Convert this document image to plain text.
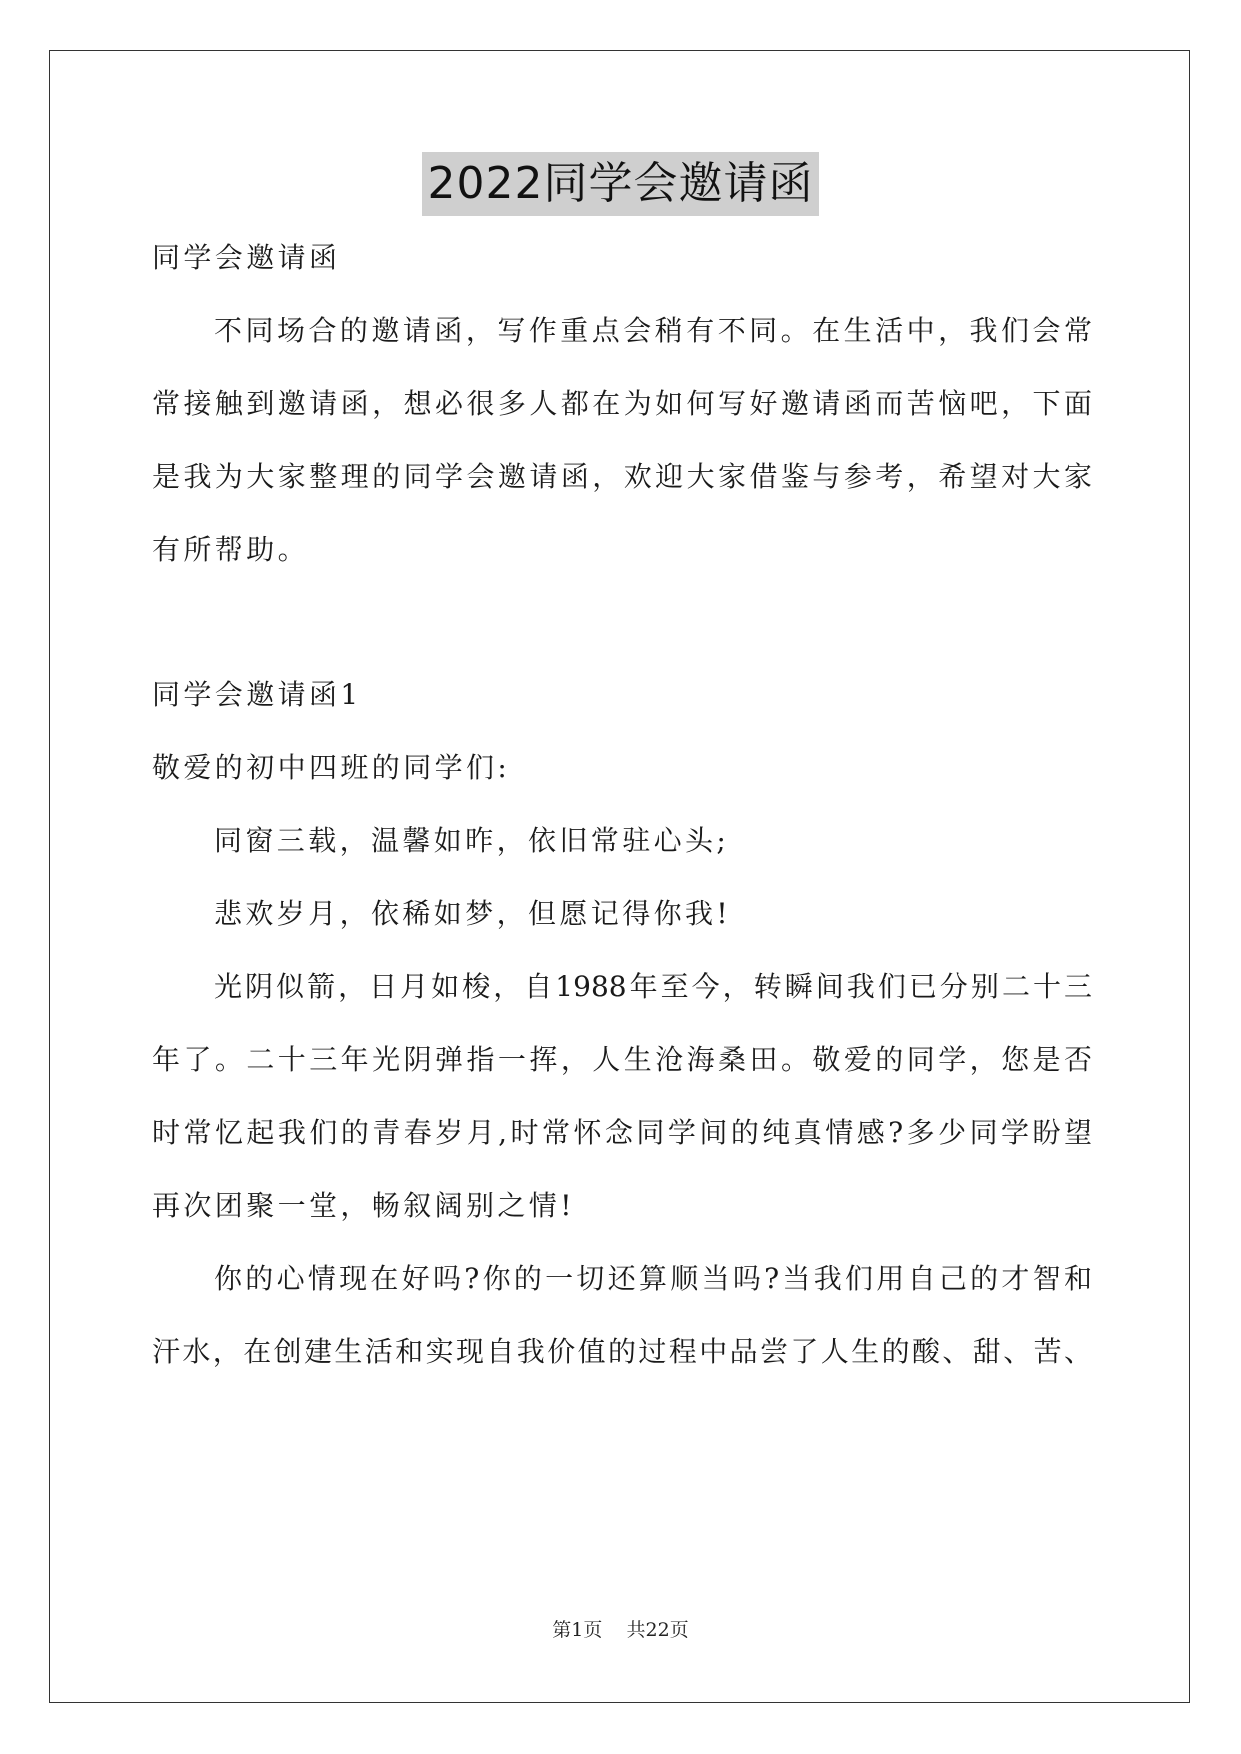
2022同学会邀请函
同学会邀请函
不同场合的邀请函，写作重点会稍有不同。在生活中，我们会常
常接触到邀请函，想必很多人都在为如何写好邀请函而苦恼吧，下面
是我为大家整理的同学会邀请函，欢迎大家借鉴与参考，希望对大家
有所帮助。
同学会邀请函1
敬爱的初中四班的同学们:
同窗三载，温馨如昨，依旧常驻心头;
悲欢岁月，依稀如梦，但愿记得你我!
光阴似箭，日月如梭，自1988年至今，转瞬间我们已分别二十三
年了。二十三年光阴弹指一挥，人生沧海桑田。敬爱的同学，您是否
时常忆起我们的青春岁月,时常怀念同学间的纯真情感?多少同学盼望
再次团聚一堂，畅叙阔别之情!
你的心情现在好吗?你的一切还算顺当吗?当我们用自己的才智和
汗水，在创建生活和实现自我价值的过程中品尝了人生的酸、甜、苦、
第1页 共22页
